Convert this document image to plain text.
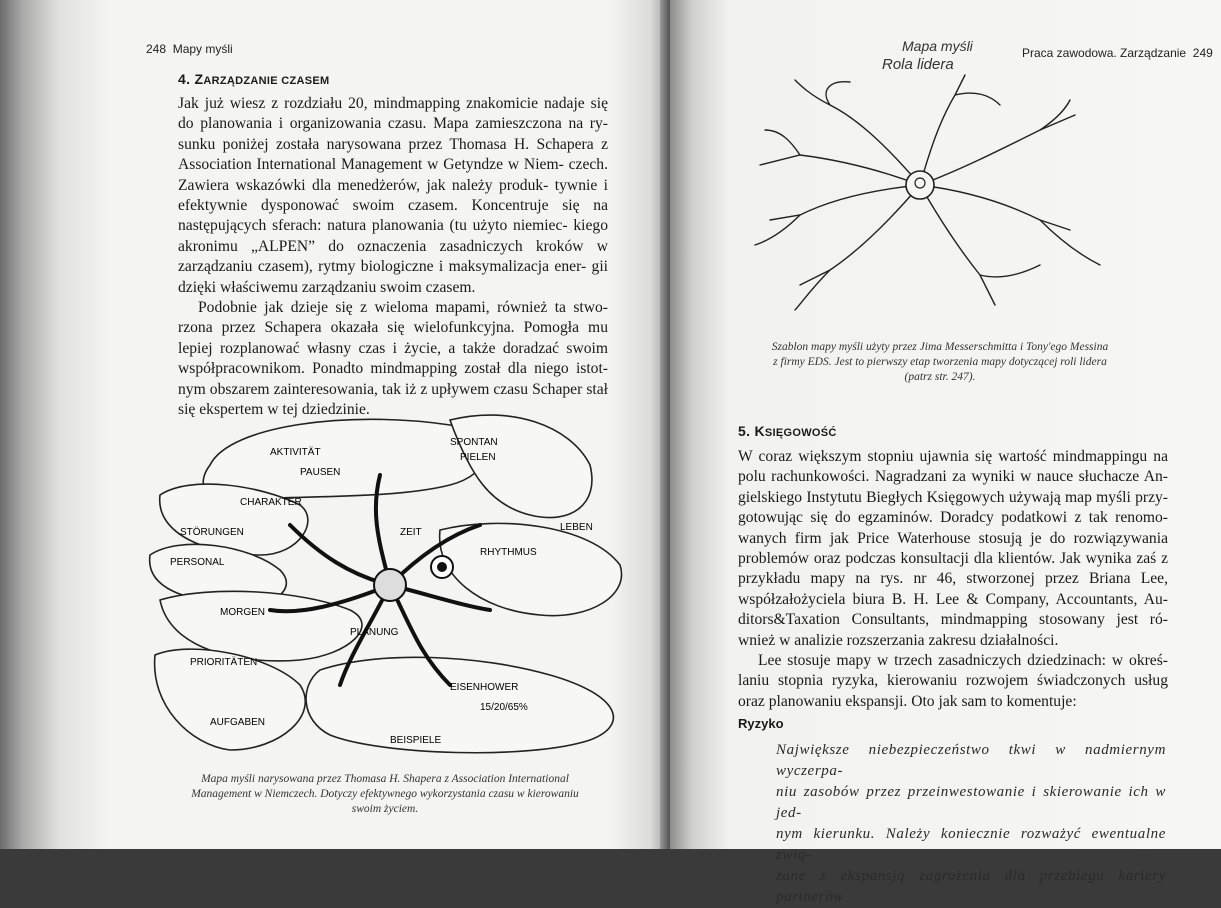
248 Mapy myśli
4. ZARZĄDZANIE CZASEM

Jak już wiesz z rozdziału 20, mindmapping znakomicie nadaje się do planowania i organizowania czasu. Mapa zamieszczona na ry- sunku poniżej została narysowana przez Thomasa H. Schapera z Association International Management w Getyndze w Niem- czech. Zawiera wskazówki dla menedżerów, jak należy produk- tywnie i efektywnie dysponować swoim czasem. Koncentruje się na następujących sferach: natura planowania (tu użyto niemiec- kiego akronimu „ALPEN” do oznaczenia zasadniczych kroków w zarządzaniu czasem), rytmy biologiczne i maksymalizacja ener- gii dzięki właściwemu zarządzaniu swoim czasem.

Podobnie jak dzieje się z wieloma mapami, również ta stwo- rzona przez Schapera okazała się wielofunkcyjna. Pomogła mu lepiej rozplanować własny czas i życie, a także doradzać swoim współpracownikom. Ponadto mindmapping został dla niego istot- nym obszarem zainteresowania, tak iż z upływem czasu Schaper stał się ekspertem w tej dziedzinie.

AKTIVITÄT
SPONTAN
PIELEN
PAUSEN
CHARAKTER
ZEIT
STÖRUNGEN
PERSONAL
RHYTHMUS
LEBEN
MORGEN
PLANUNG
PRIORITÄTEN
EISENHOWER
15/20/65%
BEISPIELE
AUFGABEN
Mapa myśli narysowana przez Thomasa H. Shapera z Association International
Management w Niemczech. Dotyczy efektywnego wykorzystania czasu w kierowaniu
swoim życiem.
Mapa myśli
Rola lidera
Praca zawodowa. Zarządzanie 249
Szablon mapy myśli użyty przez Jima Messerschmitta i Tony'ego Messina
z firmy EDS. Jest to pierwszy etap tworzenia mapy dotyczącej roli lidera
(patrz str. 247).
5. KSIĘGOWOŚĆ

W coraz większym stopniu ujawnia się wartość mindmappingu na polu rachunkowości. Nagradzani za wyniki w nauce słuchacze An- gielskiego Instytutu Biegłych Księgowych używają map myśli przy- gotowując się do egzaminów. Doradcy podatkowi z tak renomo- wanych firm jak Price Waterhouse stosują je do rozwiązywania problemów oraz podczas konsultacji dla klientów. Jak wynika zaś z przykładu mapy na rys. nr 46, stworzonej przez Briana Lee, współzałożyciela biura B. H. Lee & Company, Accountants, Au- ditors&Taxation Consultants, mindmapping stosowany jest ró- wnież w analizie rozszerzania zakresu działalności.

Lee stosuje mapy w trzech zasadniczych dziedzinach: w okreś- laniu stopnia ryzyka, kierowaniu rozwojem świadczonych usług oraz planowaniu ekspansji. Oto jak sam to komentuje:

Ryzyko
Największe niebezpieczeństwo tkwi w nadmiernym wyczerpa-
niu zasobów przez przeinwestowanie i skierowanie ich w jed-
nym kierunku. Należy koniecznie rozważyć ewentualne zwią-
zane z ekspansją zagrożenia dla przebiegu kariery partnerów
